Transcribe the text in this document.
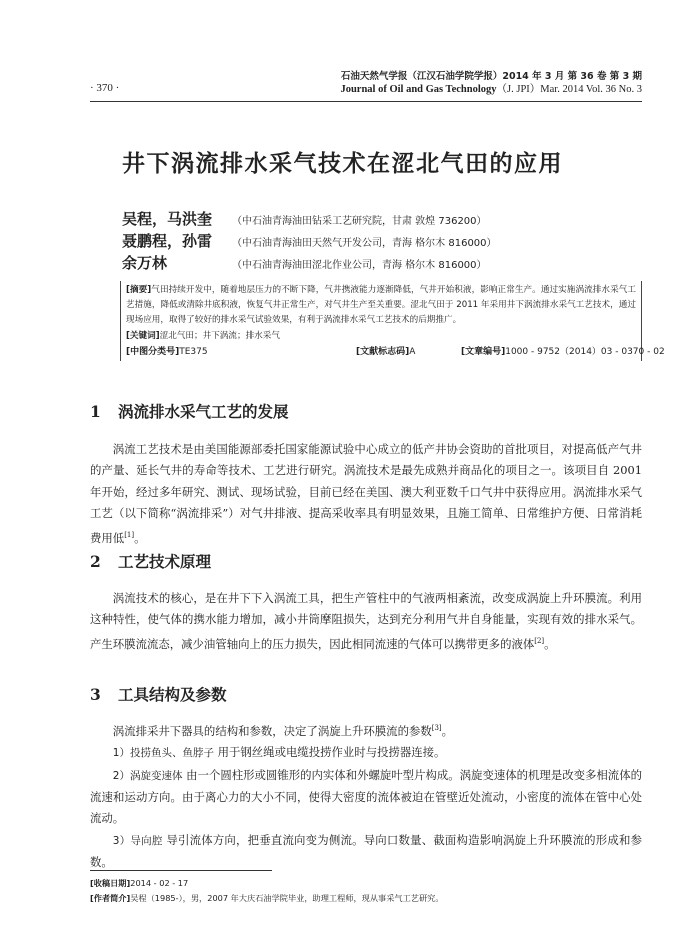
· 370 ·
石油天然气学报（江汉石油学院学报）2014 年 3 月 第 36 卷 第 3 期
Journal of Oil and Gas Technology（J. JPI）Mar. 2014 Vol. 36 No. 3
井下涡流排水采气技术在涩北气田的应用
吴程，马洪奎 （中石油青海油田钻采工艺研究院，甘肃 敦煌 736200）
聂鹏程，孙雷 （中石油青海油田天然气开发公司，青海 格尔木 816000）
余万林	（中石油青海油田涩北作业公司，青海 格尔木 816000）
[摘要]气田持续开发中，随着地层压力的不断下降，气井携液能力逐渐降低，气井开始积液，影响正常生产。通过实施涡流排水采气工艺措施，降低或清除井底积液，恢复气井正常生产，对气井生产至关重要。涩北气田于 2011 年采用井下涡流排水采气工艺技术，通过现场应用，取得了较好的排水采气试验效果，有利于涡流排水采气工艺技术的后期推广。
[关键词]涩北气田；井下涡流；排水采气
[中图分类号] TE375	[文献标志码] A	[文章编号] 1000 - 9752（2014）03 - 0370 - 02
1 涡流排水采气工艺的发展
涡流工艺技术是由美国能源部委托国家能源试验中心成立的低产井协会资助的首批项目，对提高低产气井的产量、延长气井的寿命等技术、工艺进行研究。涡流技术是最先成熟并商品化的项目之一。该项目自 2001 年开始，经过多年研究、测试、现场试验，目前已经在美国、澳大利亚数千口气井中获得应用。涡流排水采气工艺（以下简称“涡流排采”）对气井排液、提高采收率具有明显效果，且施工简单、日常维护方便、日常消耗费用低[1]。
2 工艺技术原理
涡流技术的核心，是在井下下入涡流工具，把生产管柱中的气液两相紊流，改变成涡旋上升环膜流。利用这种特性，使气体的携水能力增加，减小井筒摩阻损失，达到充分利用气井自身能量，实现有效的排水采气。产生环膜流流态，减少油管轴向上的压力损失，因此相同流速的气体可以携带更多的液体[2]。
3 工具结构及参数
涡流排采井下器具的结构和参数，决定了涡旋上升环膜流的参数[3]。
1）投捞鱼头、鱼脖子 用于钢丝绳或电缆投捞作业时与投捞器连接。
2）涡旋变速体 由一个圆柱形或圆锥形的内实体和外螺旋叶型片构成。涡旋变速体的机理是改变多相流体的流速和运动方向。由于离心力的大小不同，使得大密度的流体被迫在管壁近处流动，小密度的流体在管中心处流动。
3）导向腔 导引流体方向，把垂直流向变为侧流。导向口数量、截面构造影响涡旋上升环膜流的形成和参数。
[收稿日期]2014 - 02 - 17
[作者简介]吴程（1985-），男，2007 年大庆石油学院毕业，助理工程师，现从事采气工艺研究。
